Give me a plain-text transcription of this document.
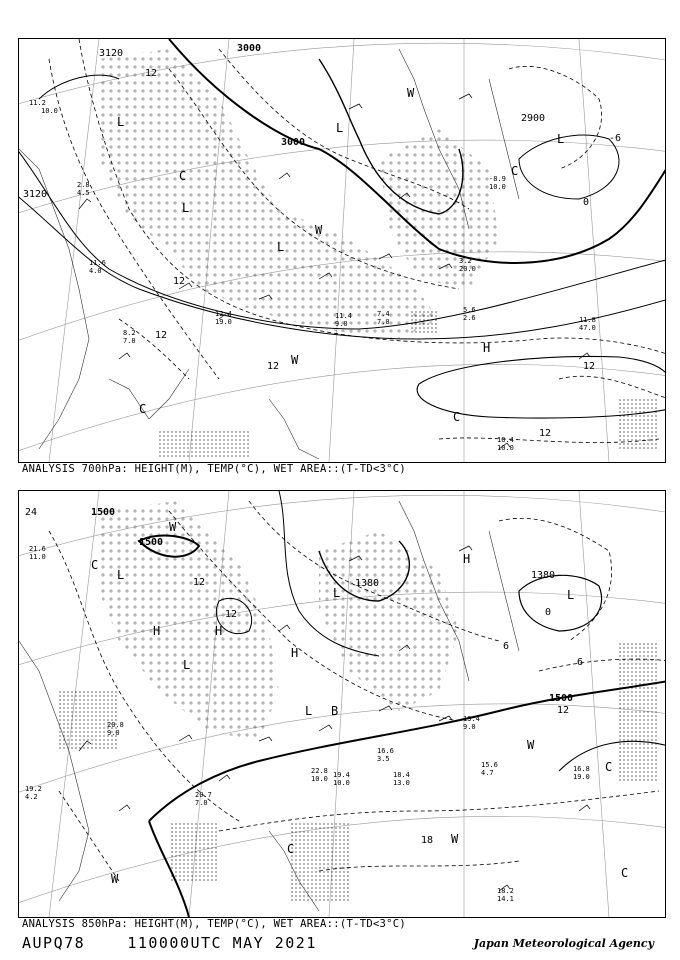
3120	3000
3000
3120
2900
12
12
12
12
12
0
-6
12
L	L
L
L
L
H
C	C
C
C
W
W
W
11.2
10.0
2.8
4.5
11.6
4.0
8.2
7.0
12.4
19.0
11.4
9.0
7.4
7.0
5.6
2.6	11.8
47.0
10.4
10.0
3.2
20.0
-8.9
10.0
ANALYSIS 700hPa: HEIGHT(M), TEMP(°C), WET AREA::(T-TD<3°C)
1500
1500
1380
1380
1500
24
12
12
18
12
6
0
6
L
L
L	L
L
H	H
H
H
C
C
C
C
W
W
W
W
B
21.6
11.0
20.8
9.0
19.2
4.2	20.7
7.0
22.8
10.0 19.4
10.0
18.4
13.0
16.6
3.5
15.6
4.7	16.8
19.0
13.4
9.0
18.2
14.1
ANALYSIS 850hPa: HEIGHT(M), TEMP(°C), WET AREA::(T-TD<3°C)
AUPQ78	110000UTC MAY 2021	Japan Meteorological Agency
